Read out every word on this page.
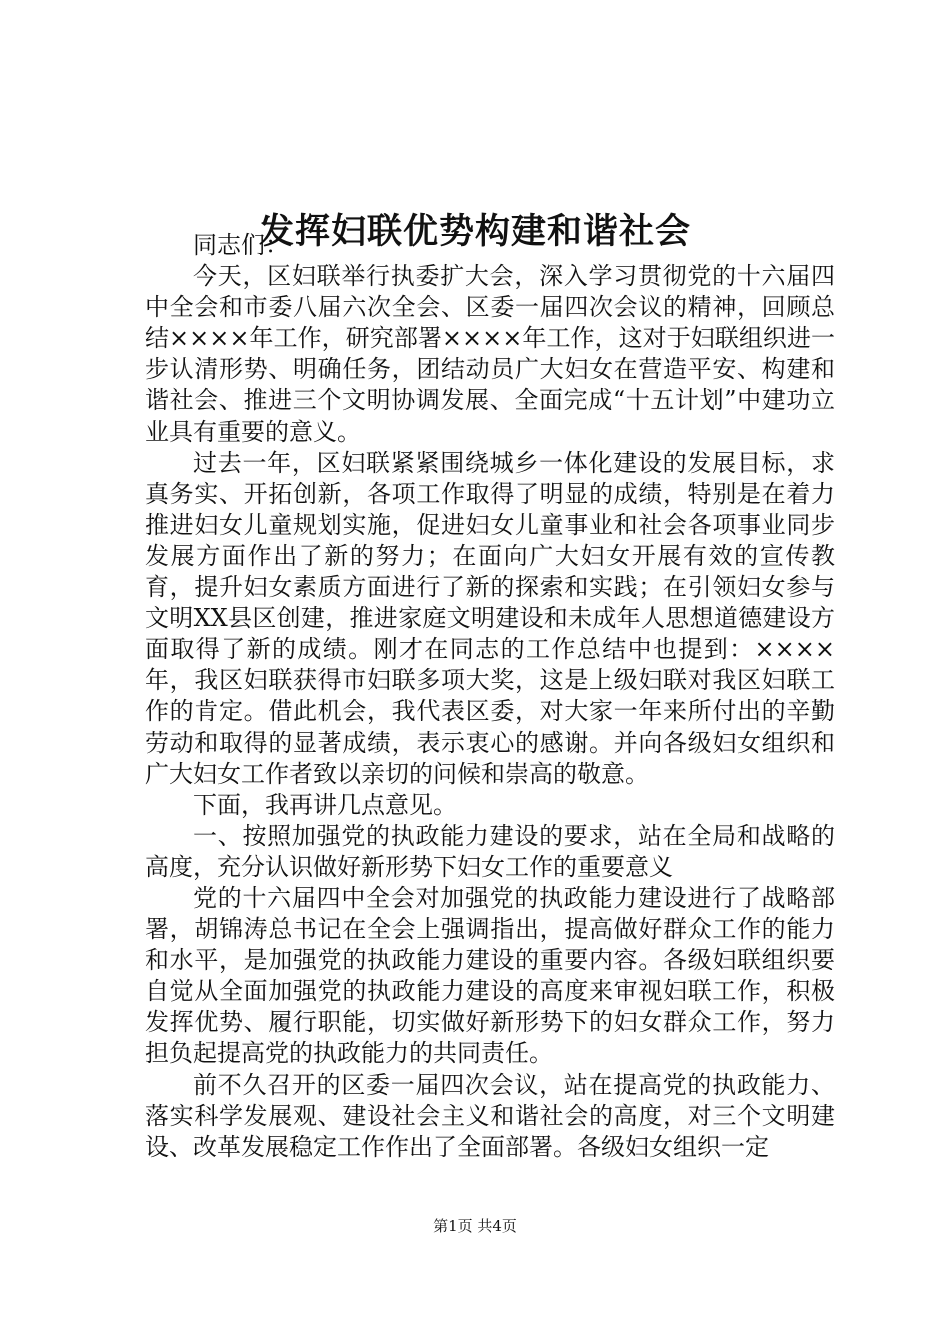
发挥妇联优势构建和谐社会

同志们：

今天，区妇联举行执委扩大会，深入学习贯彻党的十六届四中全会和市委八届六次全会、区委一届四次会议的精神，回顾总结××××年工作，研究部署××××年工作，这对于妇联组织进一步认清形势、明确任务，团结动员广大妇女在营造平安、构建和谐社会、推进三个文明协调发展、全面完成“十五计划”中建功立业具有重要的意义。

过去一年，区妇联紧紧围绕城乡一体化建设的发展目标，求真务实、开拓创新，各项工作取得了明显的成绩，特别是在着力推进妇女儿童规划实施，促进妇女儿童事业和社会各项事业同步发展方面作出了新的努力；在面向广大妇女开展有效的宣传教育，提升妇女素质方面进行了新的探索和实践；在引领妇女参与文明XX县区创建，推进家庭文明建设和未成年人思想道德建设方面取得了新的成绩。刚才在同志的工作总结中也提到：××××年，我区妇联获得市妇联多项大奖，这是上级妇联对我区妇联工作的肯定。借此机会，我代表区委，对大家一年来所付出的辛勤劳动和取得的显著成绩，表示衷心的感谢。并向各级妇女组织和广大妇女工作者致以亲切的问候和崇高的敬意。

下面，我再讲几点意见。

一、按照加强党的执政能力建设的要求，站在全局和战略的高度，充分认识做好新形势下妇女工作的重要意义

党的十六届四中全会对加强党的执政能力建设进行了战略部署，胡锦涛总书记在全会上强调指出，提高做好群众工作的能力和水平，是加强党的执政能力建设的重要内容。各级妇联组织要自觉从全面加强党的执政能力建设的高度来审视妇联工作，积极发挥优势、履行职能，切实做好新形势下的妇女群众工作，努力担负起提高党的执政能力的共同责任。

前不久召开的区委一届四次会议，站在提高党的执政能力、落实科学发展观、建设社会主义和谐社会的高度，对三个文明建设、改革发展稳定工作作出了全面部署。各级妇女组织一定

第1页 共4页
